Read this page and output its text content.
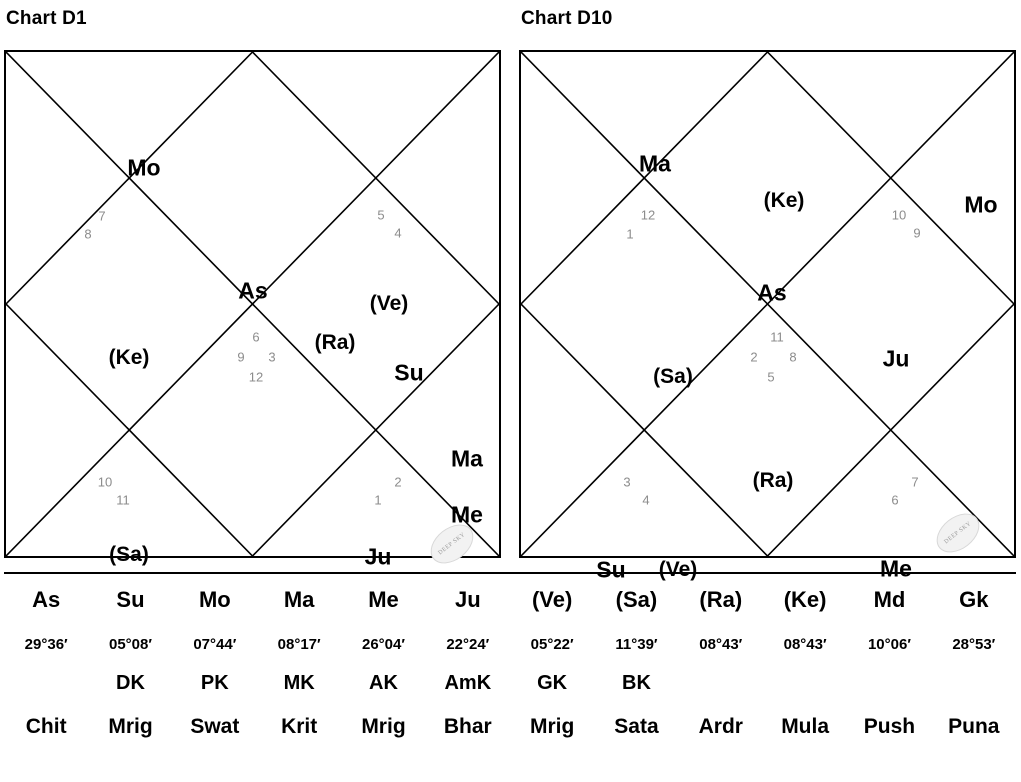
Chart D1
7
8
5
4
6
9 3
12
10
11
2
1
Mo
As	(Ve)
(Ra)
Su
(Ke)
Ma
Me
Ju
(Sa)	DEEP SKY
Chart D10
12
1
10
9
11
2 8
5
3
4
7
6
Ma
(Ke)	Mo
As
Ju
(Sa)
(Ra)
Su (Ve)	Me
DEEP SKY
As	Su	Mo	Ma	Me	Ju	(Ve)	(Sa)	(Ra)	(Ke)	Md	Gk
29°36′	05°08′	07°44′	08°17′	26°04′	22°24′	05°22′	11°39′	08°43′	08°43′	10°06′	28°53′
	DK	PK	MK	AK	AmK	GK	BK				
Chit	Mrig	Swat	Krit	Mrig	Bhar	Mrig	Sata	Ardr	Mula	Push	Puna
